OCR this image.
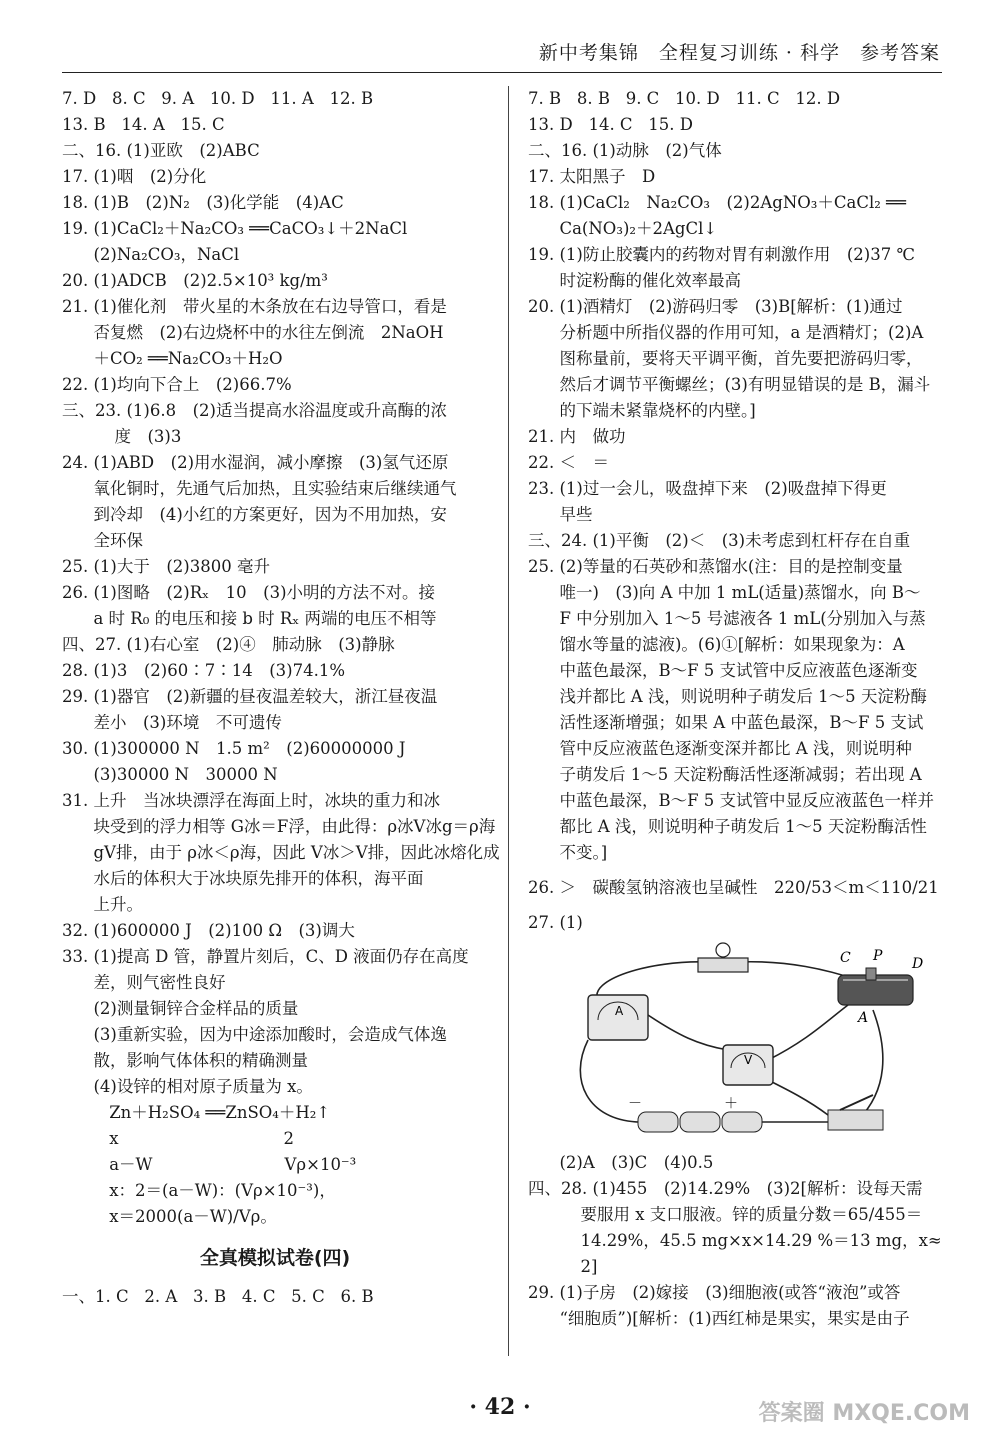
新中考集锦　全程复习训练 · 科学　参考答案
7. D   8. C   9. A   10. D   11. A   12. B
13. B   14. A   15. C
二、16. (1)亚欧　(2)ABC
17. (1)咽　(2)分化
18. (1)B　(2)N₂　(3)化学能　(4)AC
19. (1)CaCl₂＋Na₂CO₃ ══CaCO₃↓＋2NaCl
(2)Na₂CO₃，NaCl
20. (1)ADCB　(2)2.5×10³ kg/m³
21. (1)催化剂　带火星的木条放在右边导管口，看是
否复燃　(2)右边烧杯中的水往左倒流　2NaOH
＋CO₂ ══Na₂CO₃＋H₂O
22. (1)均向下合上　(2)66.7%
三、23. (1)6.8　(2)适当提高水浴温度或升高酶的浓
度　(3)3
24. (1)ABD　(2)用水湿润，减小摩擦　(3)氢气还原
氧化铜时，先通气后加热，且实验结束后继续通气
到冷却　(4)小红的方案更好，因为不用加热，安
全环保
25. (1)大于　(2)3800 毫升
26. (1)图略　(2)Rₓ　10　(3)小明的方法不对。接
a 时 R₀ 的电压和接 b 时 Rₓ 两端的电压不相等
四、27. (1)右心室　(2)④　肺动脉　(3)静脉
28. (1)3　(2)60∶7∶14　(3)74.1%
29. (1)器官　(2)新疆的昼夜温差较大，浙江昼夜温
差小　(3)环境　不可遗传
30. (1)300000 N　1.5 m²　(2)60000000 J
(3)30000 N　30000 N
31. 上升　当冰块漂浮在海面上时，冰块的重力和冰
块受到的浮力相等 G冰＝F浮，由此得：ρ冰V冰g＝ρ海
gV排，由于 ρ冰＜ρ海，因此 V冰＞V排，因此冰熔化成
水后的体积大于冰块原先排开的体积，海平面
上升。
32. (1)600000 J　(2)100 Ω　(3)调大
33. (1)提高 D 管，静置片刻后，C、D 液面仍存在高度
差，则气密性良好
(2)测量铜锌合金样品的质量
(3)重新实验，因为中途添加酸时，会造成气体逸
散，影响气体体积的精确测量
(4)设锌的相对原子质量为 x。
Zn＋H₂SO₄ ══ZnSO₄＋H₂↑
x　　　　　　　　　　2
a－W　　　　　　　　Vρ×10⁻³
x：2＝(a－W)：(Vρ×10⁻³)，
x＝2000(a－W)/Vρ。
全真模拟试卷(四)
一、1. C   2. A   3. B   4. C   5. C   6. B
7. B   8. B   9. C   10. D   11. C   12. D
13. D   14. C   15. D
二、16. (1)动脉　(2)气体
17. 太阳黑子　D
18. (1)CaCl₂　Na₂CO₃　(2)2AgNO₃＋CaCl₂ ══
Ca(NO₃)₂＋2AgCl↓
19. (1)防止胶囊内的药物对胃有刺激作用　(2)37 ℃
时淀粉酶的催化效率最高
20. (1)酒精灯　(2)游码归零　(3)B[解析：(1)通过
分析题中所指仪器的作用可知，a 是酒精灯；(2)A
图称量前，要将天平调平衡，首先要把游码归零，
然后才调节平衡螺丝；(3)有明显错误的是 B，漏斗
的下端未紧靠烧杯的内壁。]
21. 内　做功
22. ＜　＝
23. (1)过一会儿，吸盘掉下来　(2)吸盘掉下得更
早些
三、24. (1)平衡　(2)＜　(3)未考虑到杠杆存在自重
25. (2)等量的石英砂和蒸馏水(注：目的是控制变量
唯一)　(3)向 A 中加 1 mL(适量)蒸馏水，向 B～
F 中分别加入 1～5 号滤液各 1 mL(分别加入与蒸
馏水等量的滤液)。(6)①[解析：如果现象为：A
中蓝色最深，B～F 5 支试管中反应液蓝色逐渐变
浅并都比 A 浅，则说明种子萌发后 1～5 天淀粉酶
活性逐渐增强；如果 A 中蓝色最深，B～F 5 支试
管中反应液蓝色逐渐变深并都比 A 浅，则说明种
子萌发后 1～5 天淀粉酶活性逐渐减弱；若出现 A
中蓝色最深，B～F 5 支试管中显反应液蓝色一样并
都比 A 浅，则说明种子萌发后 1～5 天淀粉酶活性
不变。]
26. ＞　碳酸氢钠溶液也呈碱性　220/53＜m＜110/21
27. (1)
A
V
C P D
A
－	＋
(2)A　(3)C　(4)0.5
四、28. (1)455　(2)14.29%　(3)2[解析：设每天需
要服用 x 支口服液。锌的质量分数＝65/455＝
14.29%，45.5 mg×x×14.29 %＝13 mg，x≈
2]
29. (1)子房　(2)嫁接　(3)细胞液(或答“液泡”或答
“细胞质”)[解析：(1)西红柿是果实，果实是由子
· 42 ·	答案圈 MXQE.COM
